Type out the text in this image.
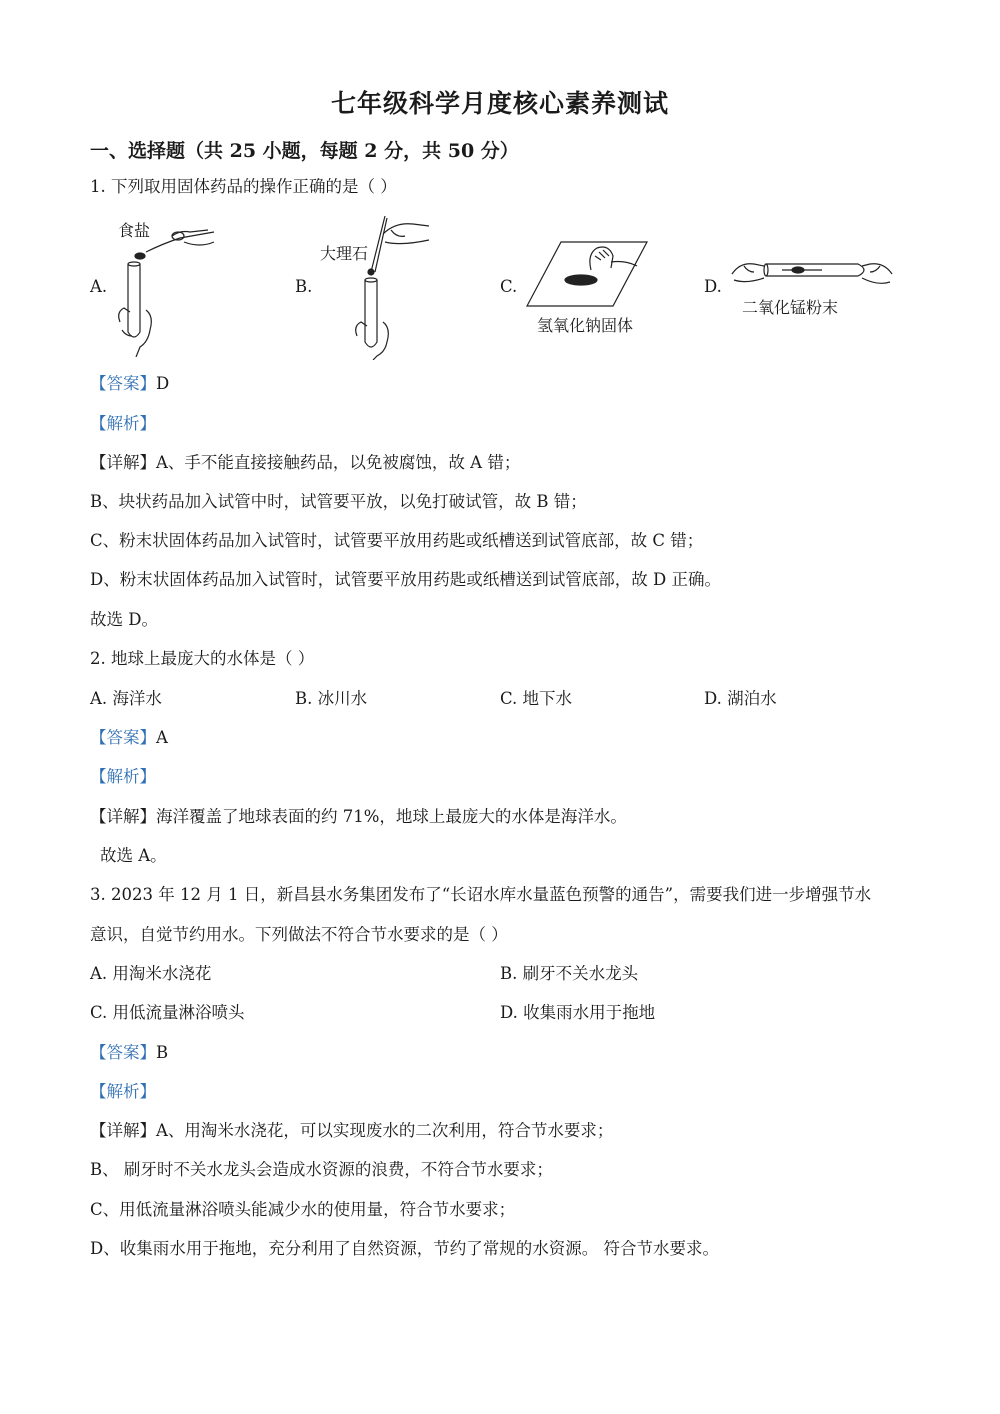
七年级科学月度核心素养测试
一、选择题（共 25 小题，每题 2 分，共 50 分）
1. 下列取用固体药品的操作正确的是（ ）
A.	B.	C.	D.
食盐
大理石
氢氧化钠固体
二氧化锰粉末
【答案】D
【解析】
【详解】A、手不能直接接触药品，以免被腐蚀，故 A 错；
B、块状药品加入试管中时，试管要平放，以免打破试管，故 B 错；
C、粉末状固体药品加入试管时，试管要平放用药匙或纸槽送到试管底部，故 C 错；
D、粉末状固体药品加入试管时，试管要平放用药匙或纸槽送到试管底部，故 D 正确。
故选 D。
2. 地球上最庞大的水体是（ ）
A. 海洋水	B. 冰川水	C. 地下水	D. 湖泊水
【答案】A
【解析】
【详解】海洋覆盖了地球表面的约 71%，地球上最庞大的水体是海洋水。
故选 A。
3. 2023 年 12 月 1 日，新昌县水务集团发布了“长诏水库水量蓝色预警的通告”，需要我们进一步增强节水
意识，自觉节约用水。下列做法不符合节水要求的是（ ）
A. 用淘米水浇花	B. 刷牙不关水龙头
C. 用低流量淋浴喷头	D. 收集雨水用于拖地
【答案】B
【解析】
【详解】A、用淘米水浇花，可以实现废水的二次利用，符合节水要求；
B、 刷牙时不关水龙头会造成水资源的浪费，不符合节水要求；
C、用低流量淋浴喷头能减少水的使用量，符合节水要求；
D、收集雨水用于拖地，充分利用了自然资源，节约了常规的水资源。 符合节水要求。
